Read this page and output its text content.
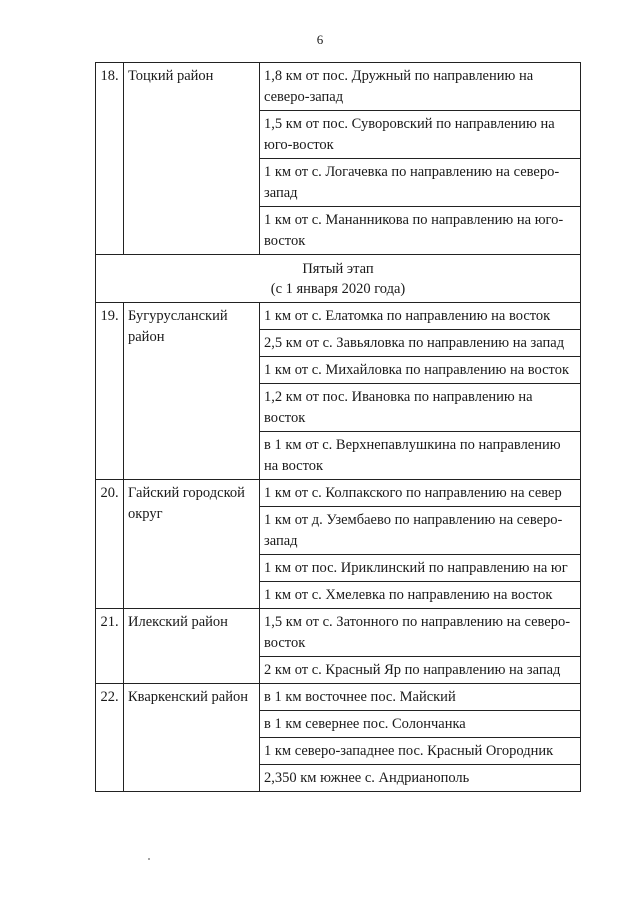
6
18.	Тоцкий район	1,8 км от пос. Дружный по направлению на северо-запад
		1,5 км от пос. Суворовский по направлению на юго-восток
		1 км от с. Логачевка по направлению на северо-запад
		1 км от с. Мананникова по направлению на юго-восток

Пятый этап
(с 1 января 2020 года)		

19.	Бугурусланский район	1 км от с. Елатомка по направлению на восток
		2,5 км от с. Завьяловка по направлению на запад
		1 км от с. Михайловка по направлению на восток
		1,2 км от пос. Ивановка по направлению на восток
		в 1 км от с. Верхнепавлушкина по направлению на восток
20.	Гайский городской округ	1 км от с. Колпакского по направлению на север
		1 км от д. Узембаево по направлению на северо-запад
		1 км от пос. Ириклинский по направлению на юг
		1 км от с. Хмелевка по направлению на восток
21.	Илекский район	1,5 км от с. Затонного по направлению на северо-восток
		2 км от с. Красный Яр по направлению на запад
22.	Кваркенский район	в 1 км восточнее пос. Майский
		в 1 км севернее пос. Солончанка
		1 км северо-западнее пос. Красный Огородник
		2,350 км южнее с. Андрианополь
